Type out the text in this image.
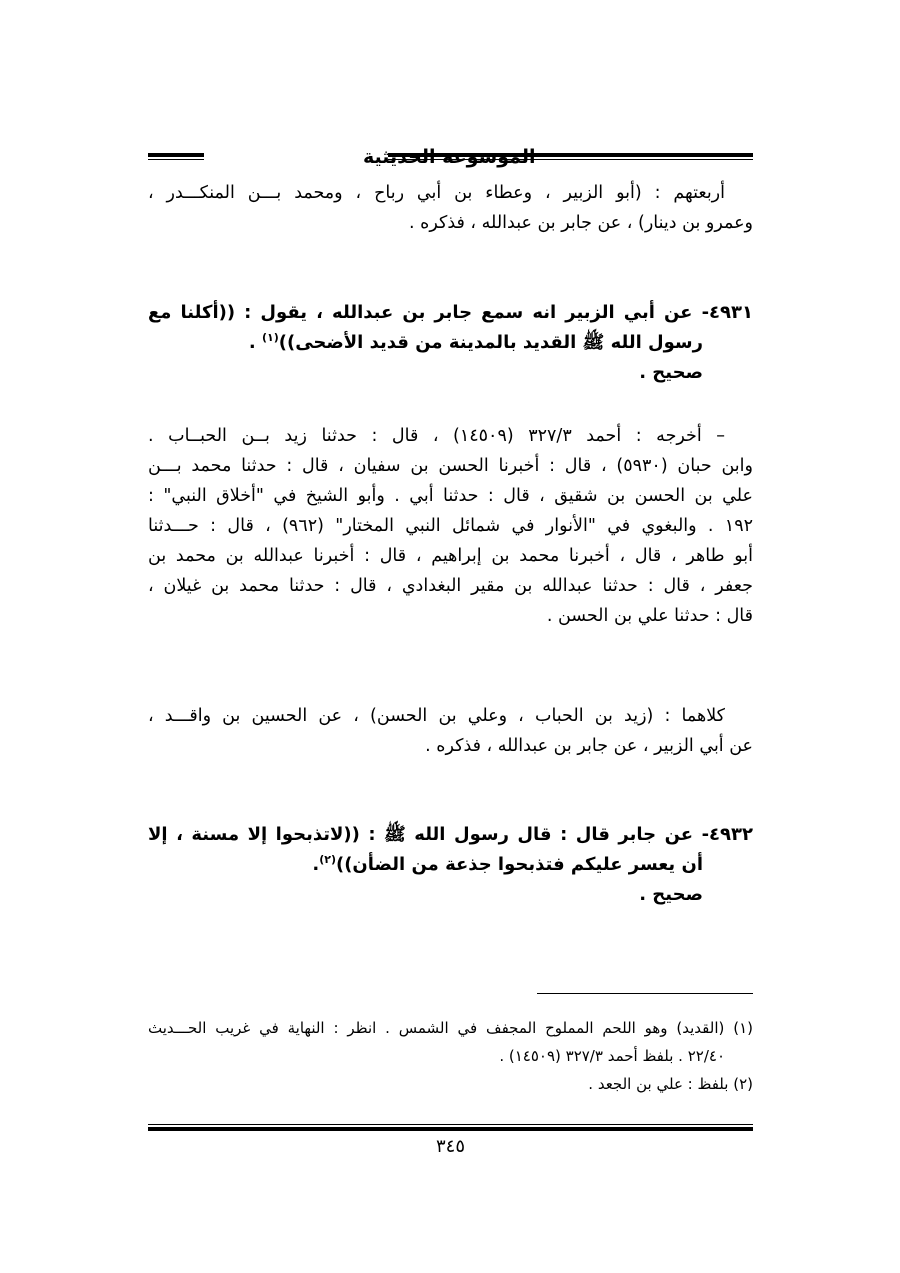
الموسوعة الحديثية
أربعتهم : (أبو الزبير ، وعطاء بن أبي رباح ، ومحمد بـــن المنكـــدر ،
وعمرو بن دينار) ، عن جابر بن عبدالله ، فذكره .
٤٩٣١- عن أبي الزبير انه سمع جابر بن عبدالله ، يقول : ((أكلنا مع
رسول الله ﷺ القديد بالمدينة من قديد الأضحى))$^{(١)}$ .
صحيح .
– أخرجه : أحمد ٣٢٧/٣ (١٤٥٠٩) ، قال : حدثنا زيد بــن الحبــاب .
وابن حبان (٥٩٣٠) ، قال : أخبرنا الحسن بن سفيان ، قال : حدثنا محمد بـــن
علي بن الحسن بن شقيق ، قال : حدثنا أبي . وأبو الشيخ في "أخلاق النبي" :
١٩٢ . والبغوي في "الأنوار في شمائل النبي المختار" (٩٦٢) ، قال : حـــدثنا
أبو طاهر ، قال ، أخبرنا محمد بن إبراهيم ، قال : أخبرنا عبدالله بن محمد بن
جعفر ، قال : حدثنا عبدالله بن مقير البغدادي ، قال : حدثنا محمد بن غيلان ،
قال : حدثنا علي بن الحسن .
كلاهما : (زيد بن الحباب ، وعلي بن الحسن) ، عن الحسين بن واقـــد ،
عن أبي الزبير ، عن جابر بن عبدالله ، فذكره .
٤٩٣٢- عن جابر قال : قال رسول الله ﷺ : ((لاتذبحوا إلا مسنة ، إلا
أن يعسر عليكم فتذبحوا جذعة من الضأن))$^{(٢)}$.
صحيح .
(١) (القديد) وهو اللحم المملوح المجفف في الشمس . انظر : النهاية في غريب الحـــديث
٢٢/٤٠ . بلفظ أحمد ٣٢٧/٣ (١٤٥٠٩) .
(٢) بلفظ : علي بن الجعد .
٣٤٥
